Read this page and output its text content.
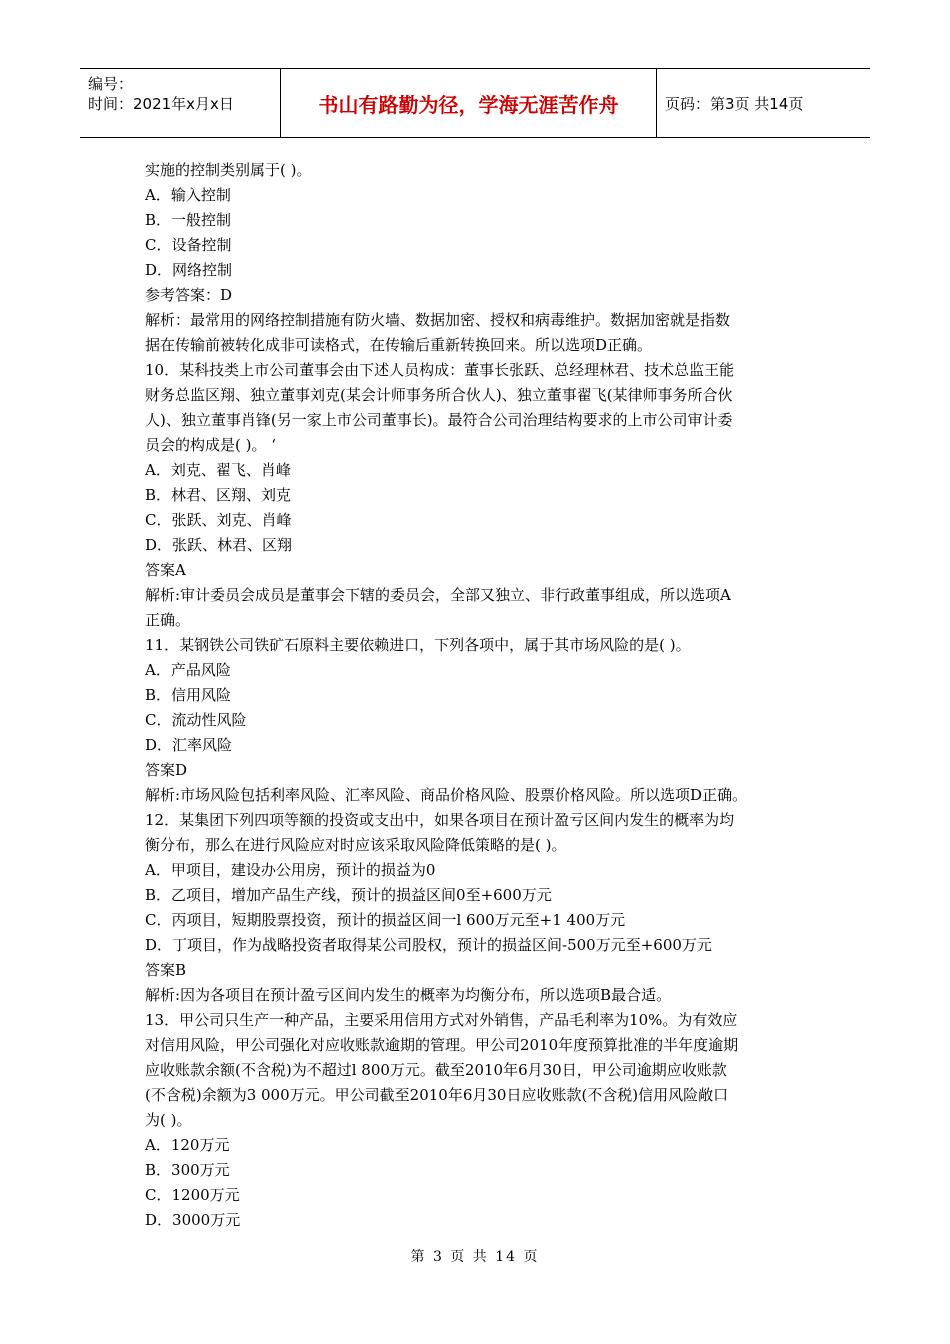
编号：
时间：2021年x月x日	书山有路勤为径，学海无涯苦作舟	页码：第3页 共14页

实施的控制类别属于( )。

A．输入控制

B．一般控制

C．设备控制

D．网络控制

参考答案：D

解析：最常用的网络控制措施有防火墙、数据加密、授权和病毒维护。数据加密就是指数

据在传输前被转化成非可读格式，在传输后重新转换回来。所以选项D正确。

10．某科技类上市公司董事会由下述人员构成：董事长张跃、总经理林君、技术总监王能

财务总监区翔、独立董事刘克(某会计师事务所合伙人)、独立董事翟飞(某律师事务所合伙

人)、独立董事肖锋(另一家上市公司董事长)。最符合公司治理结构要求的上市公司审计委

员会的构成是( )。 ‘

A．刘克、翟飞、肖峰

B．林君、区翔、刘克

C．张跃、刘克、肖峰

D．张跃、林君、区翔

答案A

解析:审计委员会成员是董事会下辖的委员会，全部又独立、非行政董事组成，所以选项A

正确。

11．某钢铁公司铁矿石原料主要依赖进口，下列各项中，属于其市场风险的是( )。

A．产品风险

B．信用风险

C．流动性风险

D．汇率风险

答案D

解析:市场风险包括利率风险、汇率风险、商品价格风险、股票价格风险。所以选项D正确。

12．某集团下列四项等额的投资或支出中，如果各项目在预计盈亏区间内发生的概率为均

衡分布，那么在进行风险应对时应该采取风险降低策略的是( )。

A．甲项目，建设办公用房，预计的损益为0

B．乙项目，增加产品生产线，预计的损益区间0至+600万元

C．丙项目，短期股票投资，预计的损益区间一l 600万元至+1 400万元

D．丁项目，作为战略投资者取得某公司股权，预计的损益区间-500万元至+600万元

答案B

解析:因为各项目在预计盈亏区间内发生的概率为均衡分布，所以选项B最合适。

13．甲公司只生产一种产品，主要采用信用方式对外销售，产品毛利率为10%。为有效应

对信用风险，甲公司强化对应收账款逾期的管理。甲公司2010年度预算批准的半年度逾期

应收账款余额(不含税)为不超过l 800万元。截至2010年6月30日，甲公司逾期应收账款

(不含税)余额为3 000万元。甲公司截至2010年6月30日应收账款(不含税)信用风险敞口

为( )。

A．120万元

B．300万元

C．1200万元

D．3000万元

第 3 页 共 14 页
